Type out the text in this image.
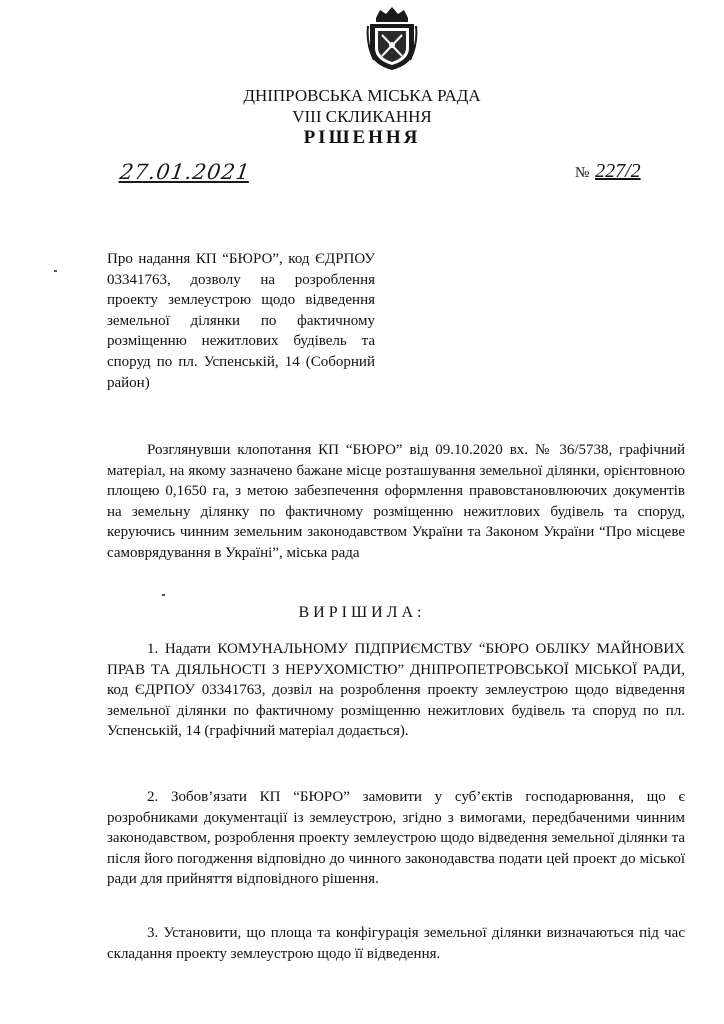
ДНІПРОВСЬКА МІСЬКА РАДА
VIII СКЛИКАННЯ
РІШЕННЯ
27.01.2021	№ 227/2

Про надання КП “БЮРО”, код ЄДРПОУ 03341763, дозволу на розроблення проекту землеустрою щодо відведення земельної ділянки по фактичному розміщенню нежитлових будівель та споруд по пл. Успенській, 14 (Соборний район)

Розглянувши клопотання КП “БЮРО” від 09.10.2020 вх. № 36/5738, графічний матеріал, на якому зазначено бажане місце розташування земельної ділянки, орієнтовною площею 0,1650 га, з метою забезпечення оформлення правовстановлюючих документів на земельну ділянку по фактичному розміщенню нежитлових будівель та споруд, керуючись чинним земельним законодавством України та Законом України “Про місцеве самоврядування в Україні”, міська рада

ВИРІШИЛА:

1. Надати КОМУНАЛЬНОМУ ПІДПРИЄМСТВУ “БЮРО ОБЛІКУ МАЙНОВИХ ПРАВ ТА ДІЯЛЬНОСТІ З НЕРУХОМІСТЮ” ДНІПРОПЕТРОВСЬКОЇ МІСЬКОЇ РАДИ, код ЄДРПОУ 03341763, дозвіл на розроблення проекту землеустрою щодо відведення земельної ділянки по фактичному розміщенню нежитлових будівель та споруд по пл. Успенській, 14 (графічний матеріал додається).

2. Зобов’язати КП “БЮРО” замовити у суб’єктів господарювання, що є розробниками документації із землеустрою, згідно з вимогами, передбаченими чинним законодавством, розроблення проекту землеустрою щодо відведення земельної ділянки та після його погодження відповідно до чинного законодавства подати цей проект до міської ради для прийняття відповідного рішення.

3. Установити, що площа та конфігурація земельної ділянки визначаються під час складання проекту землеустрою щодо її відведення.
